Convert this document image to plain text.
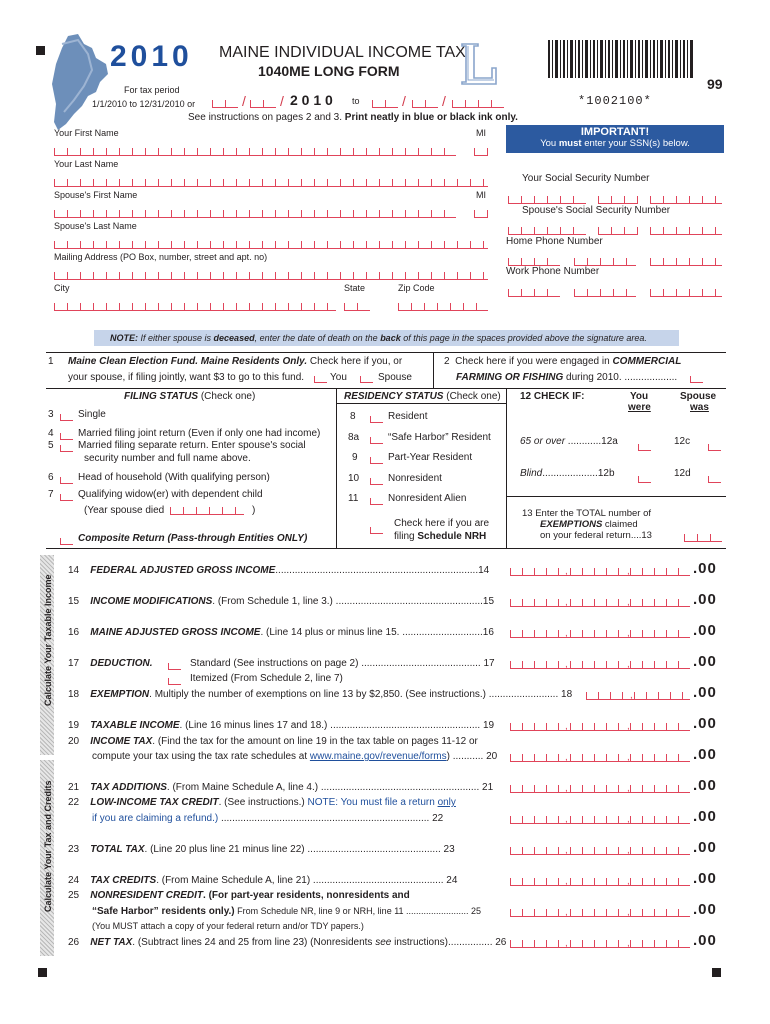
2010 MAINE INDIVIDUAL INCOME TAX
1040ME LONG FORM
99
*1002100*
For tax period
1/1/2010 to 12/31/2010 or	/ / 2 0 1 0 to	/	/
See instructions on pages 2 and 3. Print neatly in blue or black ink only.
IMPORTANT!
You must enter your SSN(s) below.
Your First Name	MI
Your Last Name
Spouse's First Name	MI
Spouse's Last Name
Mailing Address (PO Box, number, street and apt. no)
City	State	Zip Code
Your Social Security Number
Spouse's Social Security Number
Home Phone Number
Work Phone Number
NOTE: If either spouse is deceased, enter the date of death on the back of this page in the spaces provided above the signature area.
1 Maine Clean Election Fund. Maine Residents Only. Check here if you, or
your spouse, if filing jointly, want $3 to go to this fund.	You	Spouse
2 Check here if you were engaged in COMMERCIAL
FARMING OR FISHING during 2010. ...................
FILING STATUS (Check one)
3 Single
4 Married filing joint return (Even if only one had income)
5 Married filing separate return. Enter spouse's social
security number and full name above.
6 Head of household (With qualifying person)
7 Qualifying widow(er) with dependent child
(Year spouse died	)
Composite Return (Pass-through Entities ONLY)
RESIDENCY STATUS (Check one)
8	Resident
8a	“Safe Harbor” Resident
9	Part-Year Resident
10	Nonresident
11	Nonresident Alien
Check here if you are
filing Schedule NRH
12 CHECK IF:	You
were
Spouse
was
65 or over ............12a	12c
Blind....................12b	12d
13 Enter the TOTAL number of
EXEMPTIONS claimed
on your federal return....13
Calculate Your Taxable Income
Calculate Your Tax and Credits
14 FEDERAL ADJUSTED GROSS INCOME.........................................................................14	,	,	.00
15 INCOME MODIFICATIONS. (From Schedule 1, line 3.) .....................................................15	,	,	.00
16 MAINE ADJUSTED GROSS INCOME. (Line 14 plus or minus line 15. .............................16	,	,	.00
17 DEDUCTION.	Standard (See instructions on page 2) ........................................... 17
Itemized (From Schedule 2, line 7)
,	,	.00
18 EXEMPTION. Multiply the number of exemptions on line 13 by $2,850. (See instructions.) ......................... 18	,	.00
19 TAXABLE INCOME. (Line 16 minus lines 17 and 18.) ...................................................... 19	,	,	.00
20 INCOME TAX. (Find the tax for the amount on line 19 in the tax table on pages 11-12 or
compute your tax using the tax rate schedules at www.maine.gov/revenue/forms) ........... 20	,	,	.00
21 TAX ADDITIONS. (From Maine Schedule A, line 4.) ......................................................... 21	,	,	.00
22 LOW-INCOME TAX CREDIT. (See instructions.) NOTE: You must file a return only
if you are claiming a refund.) ........................................................................... 22	,	,	.00
23 TOTAL TAX. (Line 20 plus line 21 minus line 22) ................................................ 23	,	,	.00
24 TAX CREDITS. (From Maine Schedule A, line 21) ............................................... 24	,	,	.00
25 NONRESIDENT CREDIT. (For part-year residents, nonresidents and
“Safe Harbor” residents only.) From Schedule NR, line 9 or NRH, line 11 ......................... 25
(You MUST attach a copy of your federal return and/or TDY papers.)
,	,	.00
26 NET TAX. (Subtract lines 24 and 25 from line 23) (Nonresidents see instructions)................ 26	,	,	.00
